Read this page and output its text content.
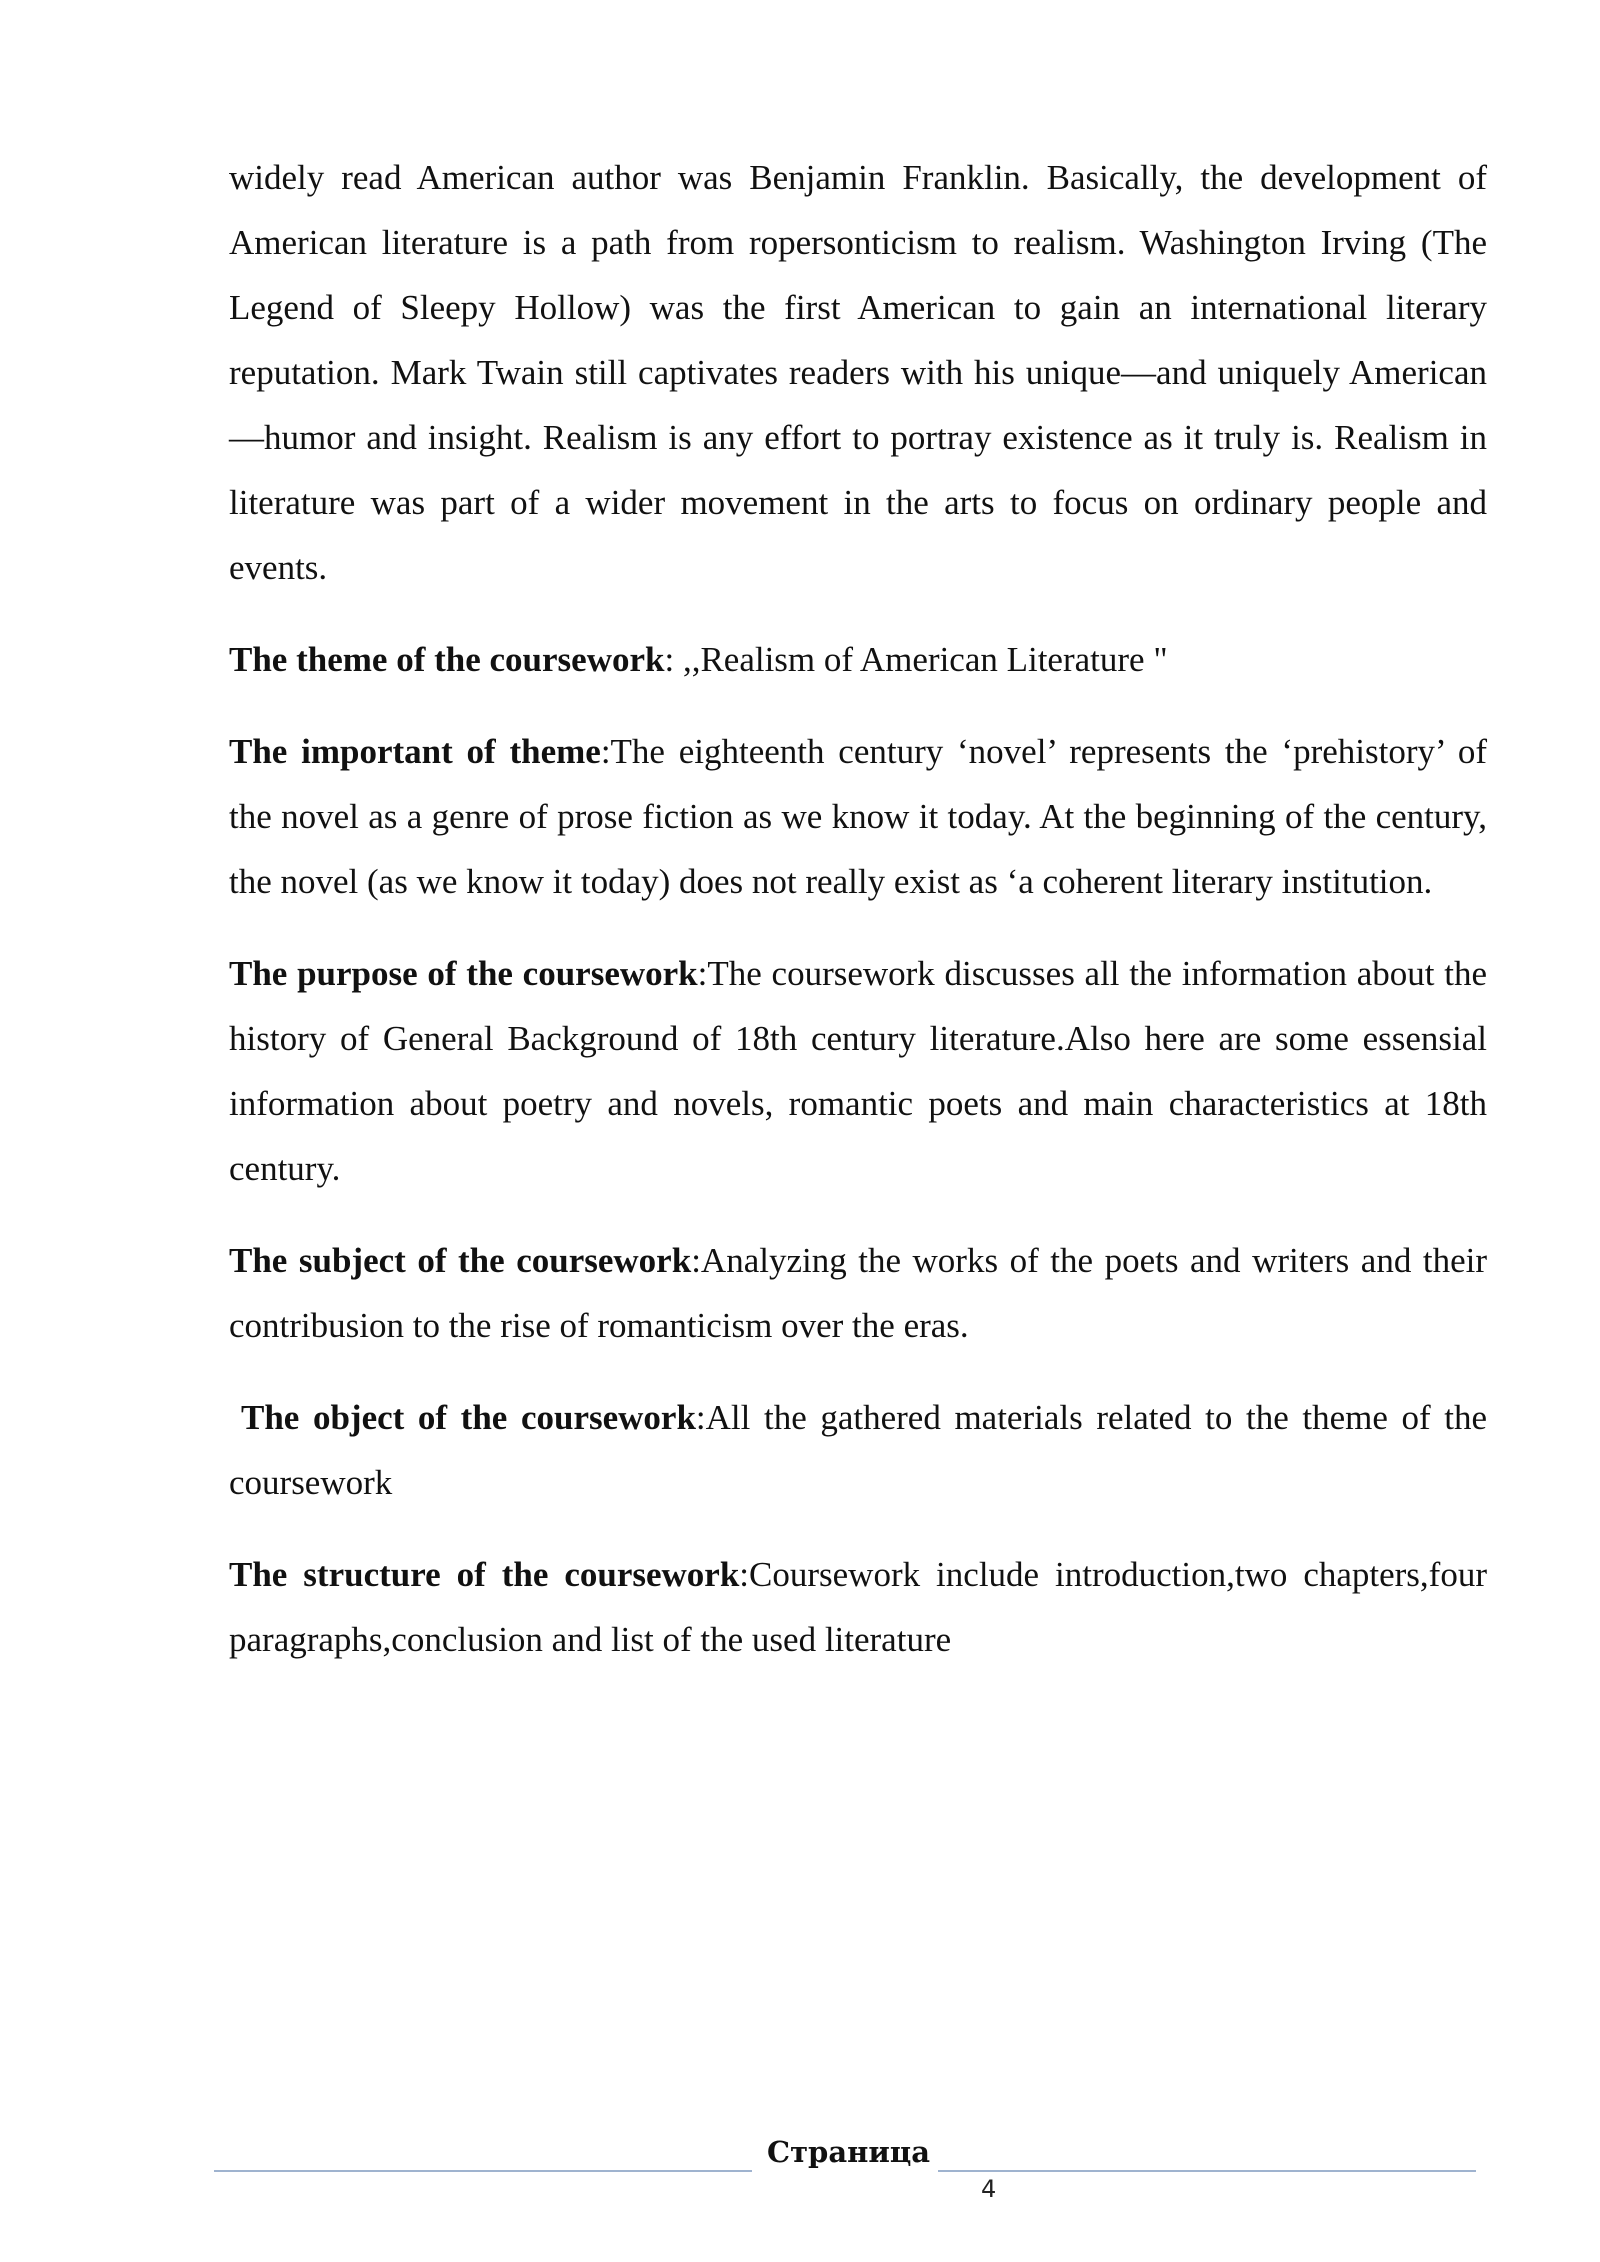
widely read American author was Benjamin Franklin. Basically, the development of American literature is a path from ropersonticism to realism. Washington Irving (The Legend of Sleepy Hollow) was the first American to gain an international literary reputation. Mark Twain still captivates readers with his unique—and uniquely American—humor and insight. Realism is any effort to portray existence as it truly is. Realism in literature was part of a wider movement in the arts to focus on ordinary people and events.

The theme of the coursework: ,,Realism of American Literature "

The important of theme:The eighteenth century ‘novel’ represents the ‘prehistory’ of the novel as a genre of prose fiction as we know it today. At the beginning of the century, the novel (as we know it today) does not really exist as ‘a coherent literary institution.

The purpose of the coursework:The coursework discusses all the information about the history of General Background of 18th century literature.Also here are some essensial information about poetry and novels, romantic poets and main characteristics at 18th century.

The subject of the coursework:Analyzing the works of the poets and writers and their contribusion to the rise of romanticism over the eras.

The object of the coursework:All the gathered materials related to the theme of the coursework

The structure of the coursework:Coursework include introduction,two chapters,four paragraphs,conclusion and list of the used literature

Страница
4
